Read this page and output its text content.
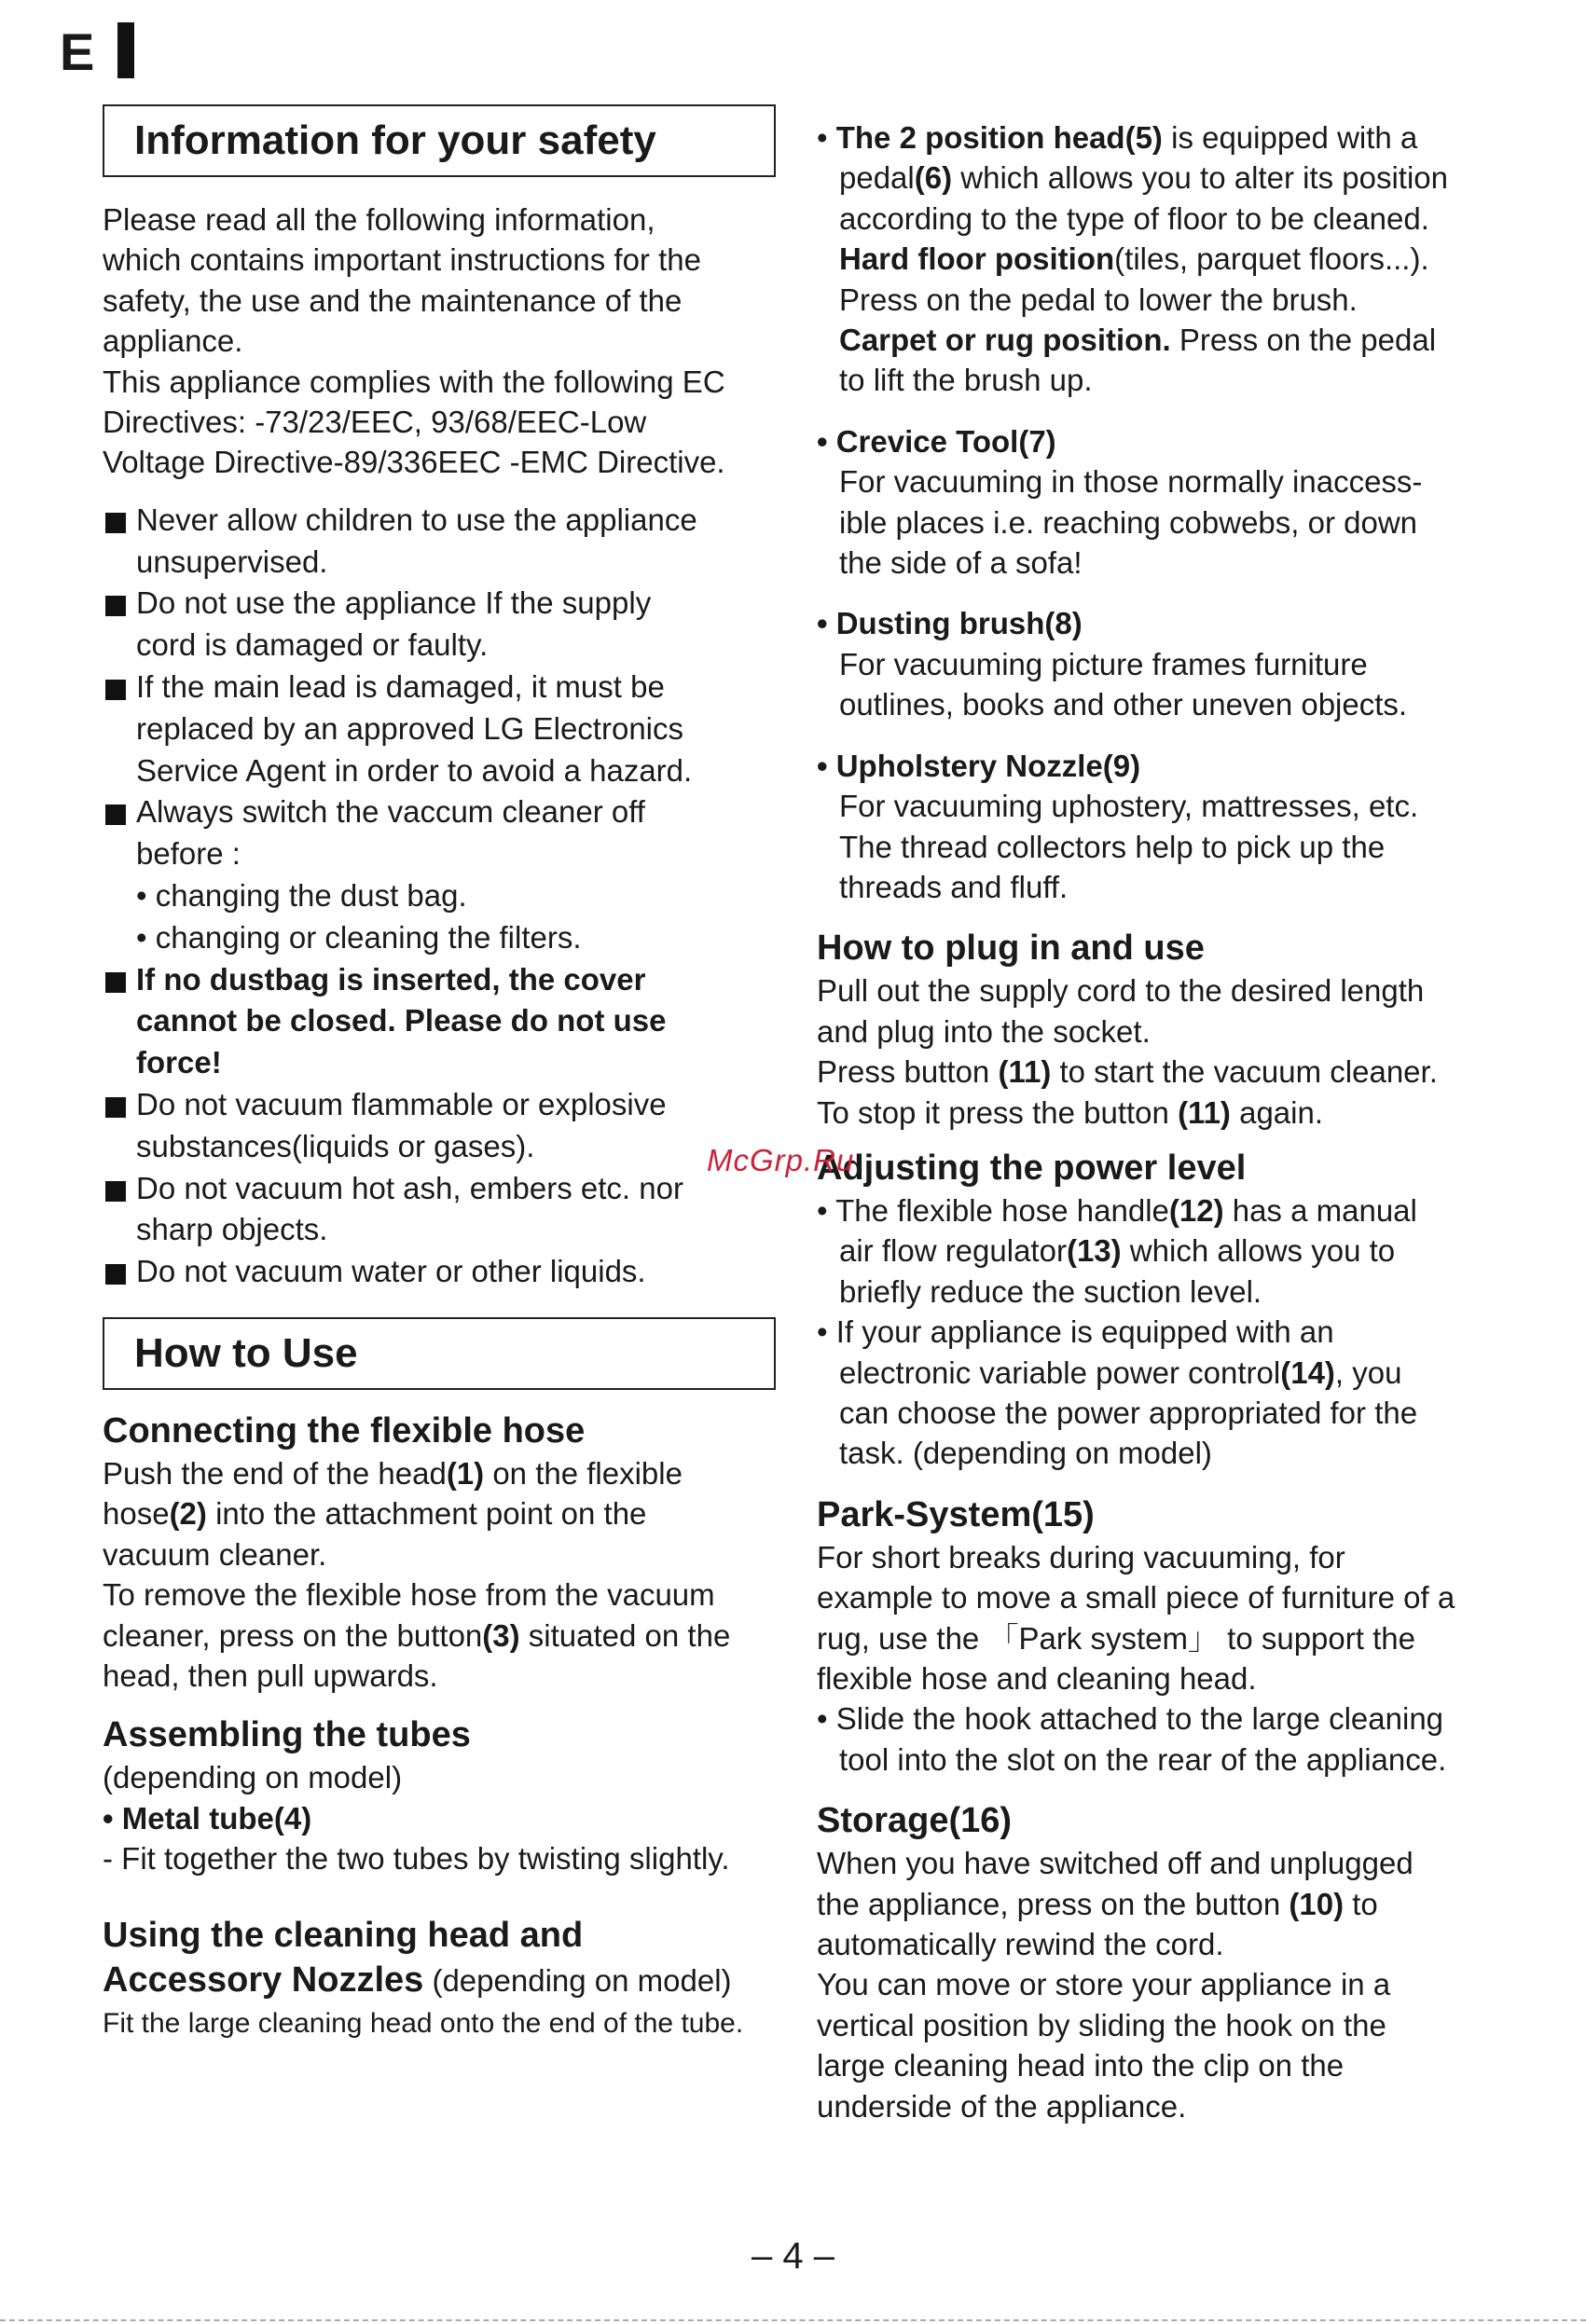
E
McGrp.Ru
Information for your safety
Please read all the following information,
which contains important instructions for the
safety, the use and the maintenance of the
appliance.
This appliance complies with the following EC
Directives: -73/23/EEC, 93/68/EEC-Low
Voltage Directive-89/336EEC -EMC Directive.
Never allow children to use the appliance
unsupervised.
Do not use the appliance If the supply
cord is damaged or faulty.
If the main lead is damaged, it must be
replaced by an approved LG Electronics
Service Agent in order to avoid a hazard.
Always switch the vaccum cleaner off
before :
• changing the dust bag.
• changing or cleaning the filters.
If no dustbag is inserted, the cover
cannot be closed. Please do not use
force!
Do not vacuum flammable or explosive
substances(liquids or gases).
Do not vacuum hot ash, embers etc. nor
sharp objects.
Do not vacuum water or other liquids.
How to Use
Connecting the flexible hose
Push the end of the head(1) on the flexible
hose(2) into the attachment point on the
vacuum cleaner.
To remove the flexible hose from the vacuum
cleaner, press on the button(3) situated on the
head, then pull upwards.
Assembling the tubes
(depending on model)
• Metal tube(4)
- Fit together the two tubes by twisting slightly.
Using the cleaning head and
Accessory Nozzles (depending on model)
Fit the large cleaning head onto the end of the tube.
• The 2 position head(5) is equipped with a
pedal(6) which allows you to alter its position
according to the type of floor to be cleaned.
Hard floor position(tiles, parquet floors...).
Press on the pedal to lower the brush.
Carpet or rug position. Press on the pedal
to lift the brush up.
• Crevice Tool(7)
For vacuuming in those normally inaccess-
ible places i.e. reaching cobwebs, or down
the side of a sofa!
• Dusting brush(8)
For vacuuming picture frames furniture
outlines, books and other uneven objects.
• Upholstery Nozzle(9)
For vacuuming uphostery, mattresses, etc.
The thread collectors help to pick up the
threads and fluff.
How to plug in and use
Pull out the supply cord to the desired length
and plug into the socket.
Press button (11) to start the vacuum cleaner.
To stop it press the button (11) again.
Adjusting the power level
• The flexible hose handle(12) has a manual
air flow regulator(13) which allows you to
briefly reduce the suction level.
• If your appliance is equipped with an
electronic variable power control(14), you
can choose the power appropriated for the
task. (depending on model)
Park-System(15)
For short breaks during vacuuming, for
example to move a small piece of furniture of a
rug, use the 「Park system」 to support the
flexible hose and cleaning head.
• Slide the hook attached to the large cleaning
tool into the slot on the rear of the appliance.
Storage(16)
When you have switched off and unplugged
the appliance, press on the button (10) to
automatically rewind the cord.
You can move or store your appliance in a
vertical position by sliding the hook on the
large cleaning head into the clip on the
underside of the appliance.
– 4 –
